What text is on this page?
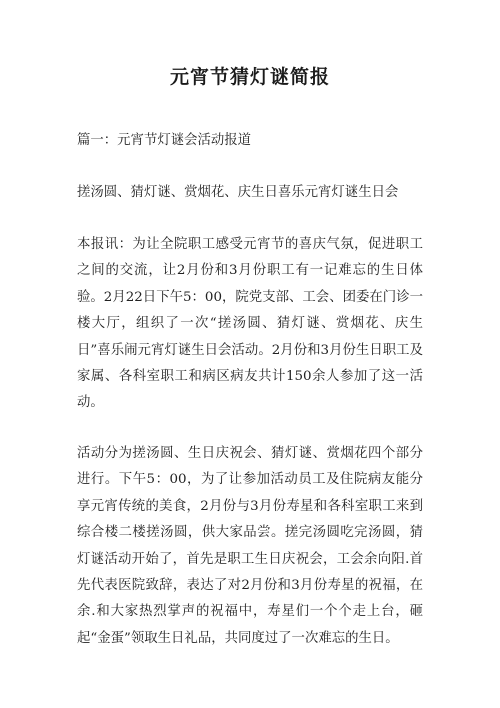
元宵节猜灯谜简报
篇一：元宵节灯谜会活动报道
搓汤圆、猜灯谜、赏烟花、庆生日喜乐元宵灯谜生日会

本报讯：为让全院职工感受元宵节的喜庆气氛，促进职工之间的交流，让2月份和3月份职工有一记难忘的生日体验。2月22日下午5：00，院党支部、工会、团委在门诊一楼大厅，组织了一次“搓汤圆、猜灯谜、赏烟花、庆生日”喜乐闹元宵灯谜生日会活动。2月份和3月份生日职工及家属、各科室职工和病区病友共计150余人参加了这一活动。

活动分为搓汤圆、生日庆祝会、猜灯谜、赏烟花四个部分进行。下午5：00，为了让参加活动员工及住院病友能分享元宵传统的美食，2月份与3月份寿星和各科室职工来到综合楼二楼搓汤圆，供大家品尝。搓完汤圆吃完汤圆，猜灯谜活动开始了，首先是职工生日庆祝会，工会余向阳.首先代表医院致辞，表达了对2月份和3月份寿星的祝福，在余.和大家热烈掌声的祝福中，寿星们一个个走上台，砸起“金蛋”领取生日礼品，共同度过了一次难忘的生日。
